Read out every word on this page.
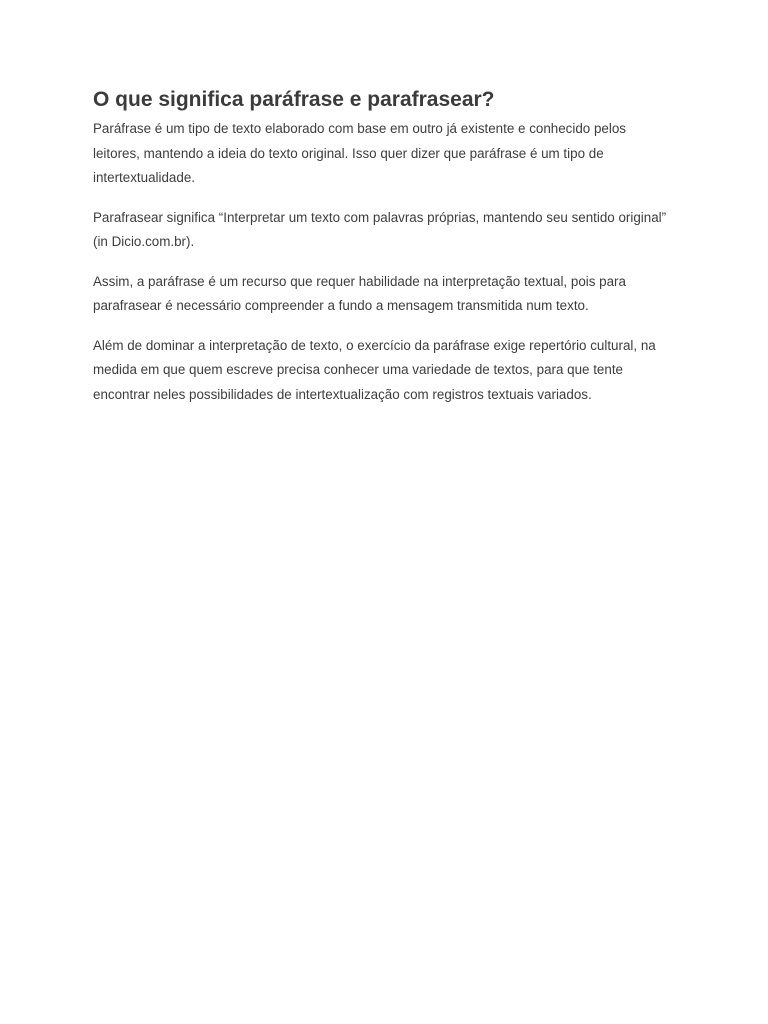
O que significa paráfrase e parafrasear?

Paráfrase é um tipo de texto elaborado com base em outro já existente e conhecido pelos leitores, mantendo a ideia do texto original. Isso quer dizer que paráfrase é um tipo de intertextualidade.

Parafrasear significa “Interpretar um texto com palavras próprias, mantendo seu sentido original” (in Dicio.com.br).

Assim, a paráfrase é um recurso que requer habilidade na interpretação textual, pois para parafrasear é necessário compreender a fundo a mensagem transmitida num texto.

Além de dominar a interpretação de texto, o exercício da paráfrase exige repertório cultural, na medida em que quem escreve precisa conhecer uma variedade de textos, para que tente encontrar neles possibilidades de intertextualização com registros textuais variados.
